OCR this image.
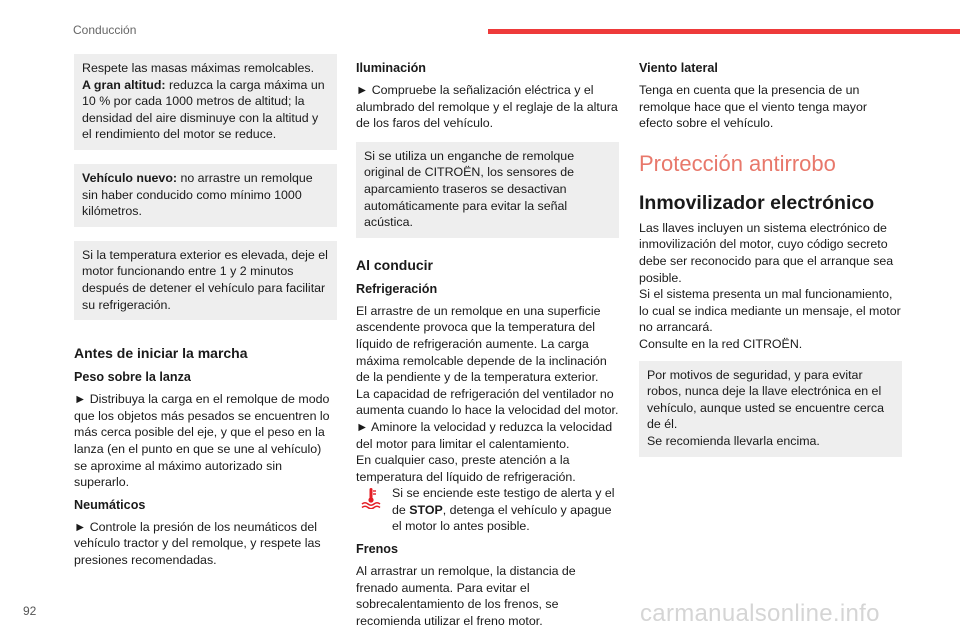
Conducción

Respete las masas máximas remolcables.

A gran altitud: reduzca la carga máxima un 10 % por cada 1000 metros de altitud; la densidad del aire disminuye con la altitud y el rendimiento del motor se reduce.

Vehículo nuevo: no arrastre un remolque sin haber conducido como mínimo 1000 kilómetros.

Si la temperatura exterior es elevada, deje el motor funcionando entre 1 y 2 minutos después de detener el vehículo para facilitar su refrigeración.

Antes de iniciar la marcha
Peso sobre la lanza

► Distribuya la carga en el remolque de modo que los objetos más pesados se encuentren lo más cerca posible del eje, y que el peso en la lanza (en el punto en que se une al vehículo) se aproxime al máximo autorizado sin superarlo.

Neumáticos

► Controle la presión de los neumáticos del vehículo tractor y del remolque, y respete las presiones recomendadas.

Iluminación

► Compruebe la señalización eléctrica y el alumbrado del remolque y el reglaje de la altura de los faros del vehículo.

Si se utiliza un enganche de remolque original de CITROËN, los sensores de aparcamiento traseros se desactivan automáticamente para evitar la señal acústica.

Al conducir
Refrigeración

El arrastre de un remolque en una superficie ascendente provoca que la temperatura del líquido de refrigeración aumente. La carga máxima remolcable depende de la inclinación de la pendiente y de la temperatura exterior.

La capacidad de refrigeración del ventilador no aumenta cuando lo hace la velocidad del motor.

► Aminore la velocidad y reduzca la velocidad del motor para limitar el calentamiento.

En cualquier caso, preste atención a la temperatura del líquido de refrigeración.

Si se enciende este testigo de alerta y el de STOP, detenga el vehículo y apague el motor lo antes posible.

Frenos

Al arrastrar un remolque, la distancia de frenado aumenta. Para evitar el sobrecalentamiento de los frenos, se recomienda utilizar el freno motor.

Viento lateral

Tenga en cuenta que la presencia de un remolque hace que el viento tenga mayor efecto sobre el vehículo.

Protección antirrobo
Inmovilizador electrónico

Las llaves incluyen un sistema electrónico de inmovilización del motor, cuyo código secreto debe ser reconocido para que el arranque sea posible.

Si el sistema presenta un mal funcionamiento, lo cual se indica mediante un mensaje, el motor no arrancará.

Consulte en la red CITROËN.

Por motivos de seguridad, y para evitar robos, nunca deje la llave electrónica en el vehículo, aunque usted se encuentre cerca de él.

Se recomienda llevarla encima.

92	carmanualsonline.info
